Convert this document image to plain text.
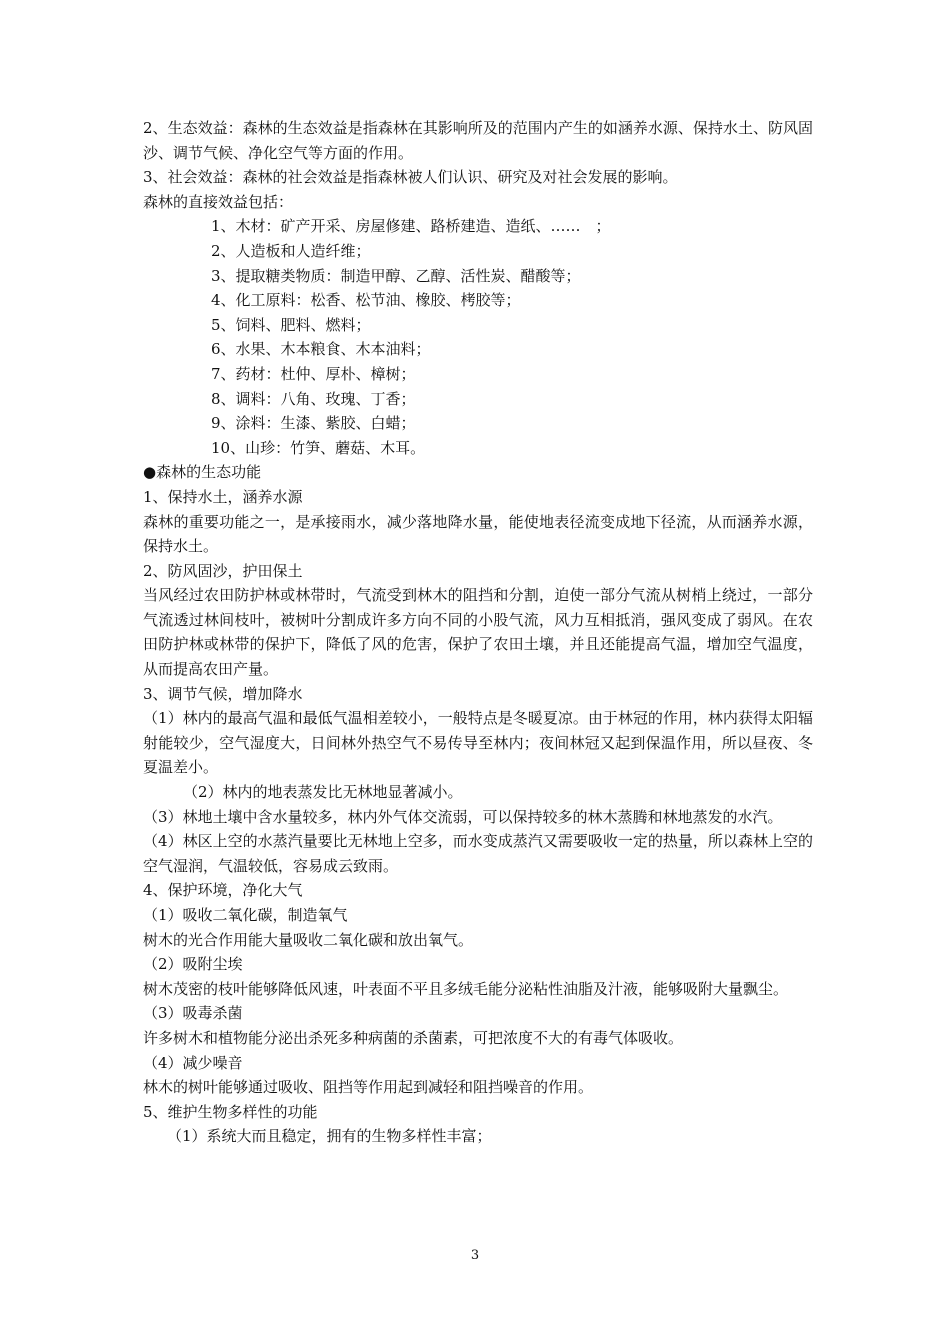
2、生态效益：森林的生态效益是指森林在其影响所及的范围内产生的如涵养水源、保持水土、防风固沙、调节气候、净化空气等方面的作用。

3、社会效益：森林的社会效益是指森林被人们认识、研究及对社会发展的影响。

森林的直接效益包括：

1、木材：矿产开采、房屋修建、路桥建造、造纸、……　；

2、人造板和人造纤维；

3、提取糖类物质：制造甲醇、乙醇、活性炭、醋酸等；

4、化工原料：松香、松节油、橡胶、栲胶等；

5、饲料、肥料、燃料；

6、水果、木本粮食、木本油料；

7、药材：杜仲、厚朴、樟树；

8、调料：八角、玫瑰、丁香；

9、涂料：生漆、紫胶、白蜡；

10、山珍：竹笋、蘑菇、木耳。

●森林的生态功能

1、保持水土，涵养水源

森林的重要功能之一，是承接雨水，减少落地降水量，能使地表径流变成地下径流，从而涵养水源，保持水土。

2、防风固沙，护田保土

当风经过农田防护林或林带时，气流受到林木的阻挡和分割，迫使一部分气流从树梢上绕过，一部分气流透过林间枝叶，被树叶分割成许多方向不同的小股气流，风力互相抵消，强风变成了弱风。在农田防护林或林带的保护下，降低了风的危害，保护了农田土壤，并且还能提高气温，增加空气温度，从而提高农田产量。

3、调节气候，增加降水

（1）林内的最高气温和最低气温相差较小，一般特点是冬暖夏凉。由于林冠的作用，林内获得太阳辐射能较少，空气湿度大，日间林外热空气不易传导至林内；夜间林冠又起到保温作用，所以昼夜、冬夏温差小。

（2）林内的地表蒸发比无林地显著减小。

（3）林地土壤中含水量较多，林内外气体交流弱，可以保持较多的林木蒸腾和林地蒸发的水汽。

（4）林区上空的水蒸汽量要比无林地上空多，而水变成蒸汽又需要吸收一定的热量，所以森林上空的空气湿润，气温较低，容易成云致雨。

4、保护环境，净化大气

（1）吸收二氧化碳，制造氧气

树木的光合作用能大量吸收二氧化碳和放出氧气。

（2）吸附尘埃

树木茂密的枝叶能够降低风速，叶表面不平且多绒毛能分泌粘性油脂及汁液，能够吸附大量飘尘。

（3）吸毒杀菌

许多树木和植物能分泌出杀死多种病菌的杀菌素，可把浓度不大的有毒气体吸收。

（4）减少噪音

林木的树叶能够通过吸收、阻挡等作用起到减轻和阻挡噪音的作用。

5、维护生物多样性的功能

（1）系统大而且稳定，拥有的生物多样性丰富；

3
